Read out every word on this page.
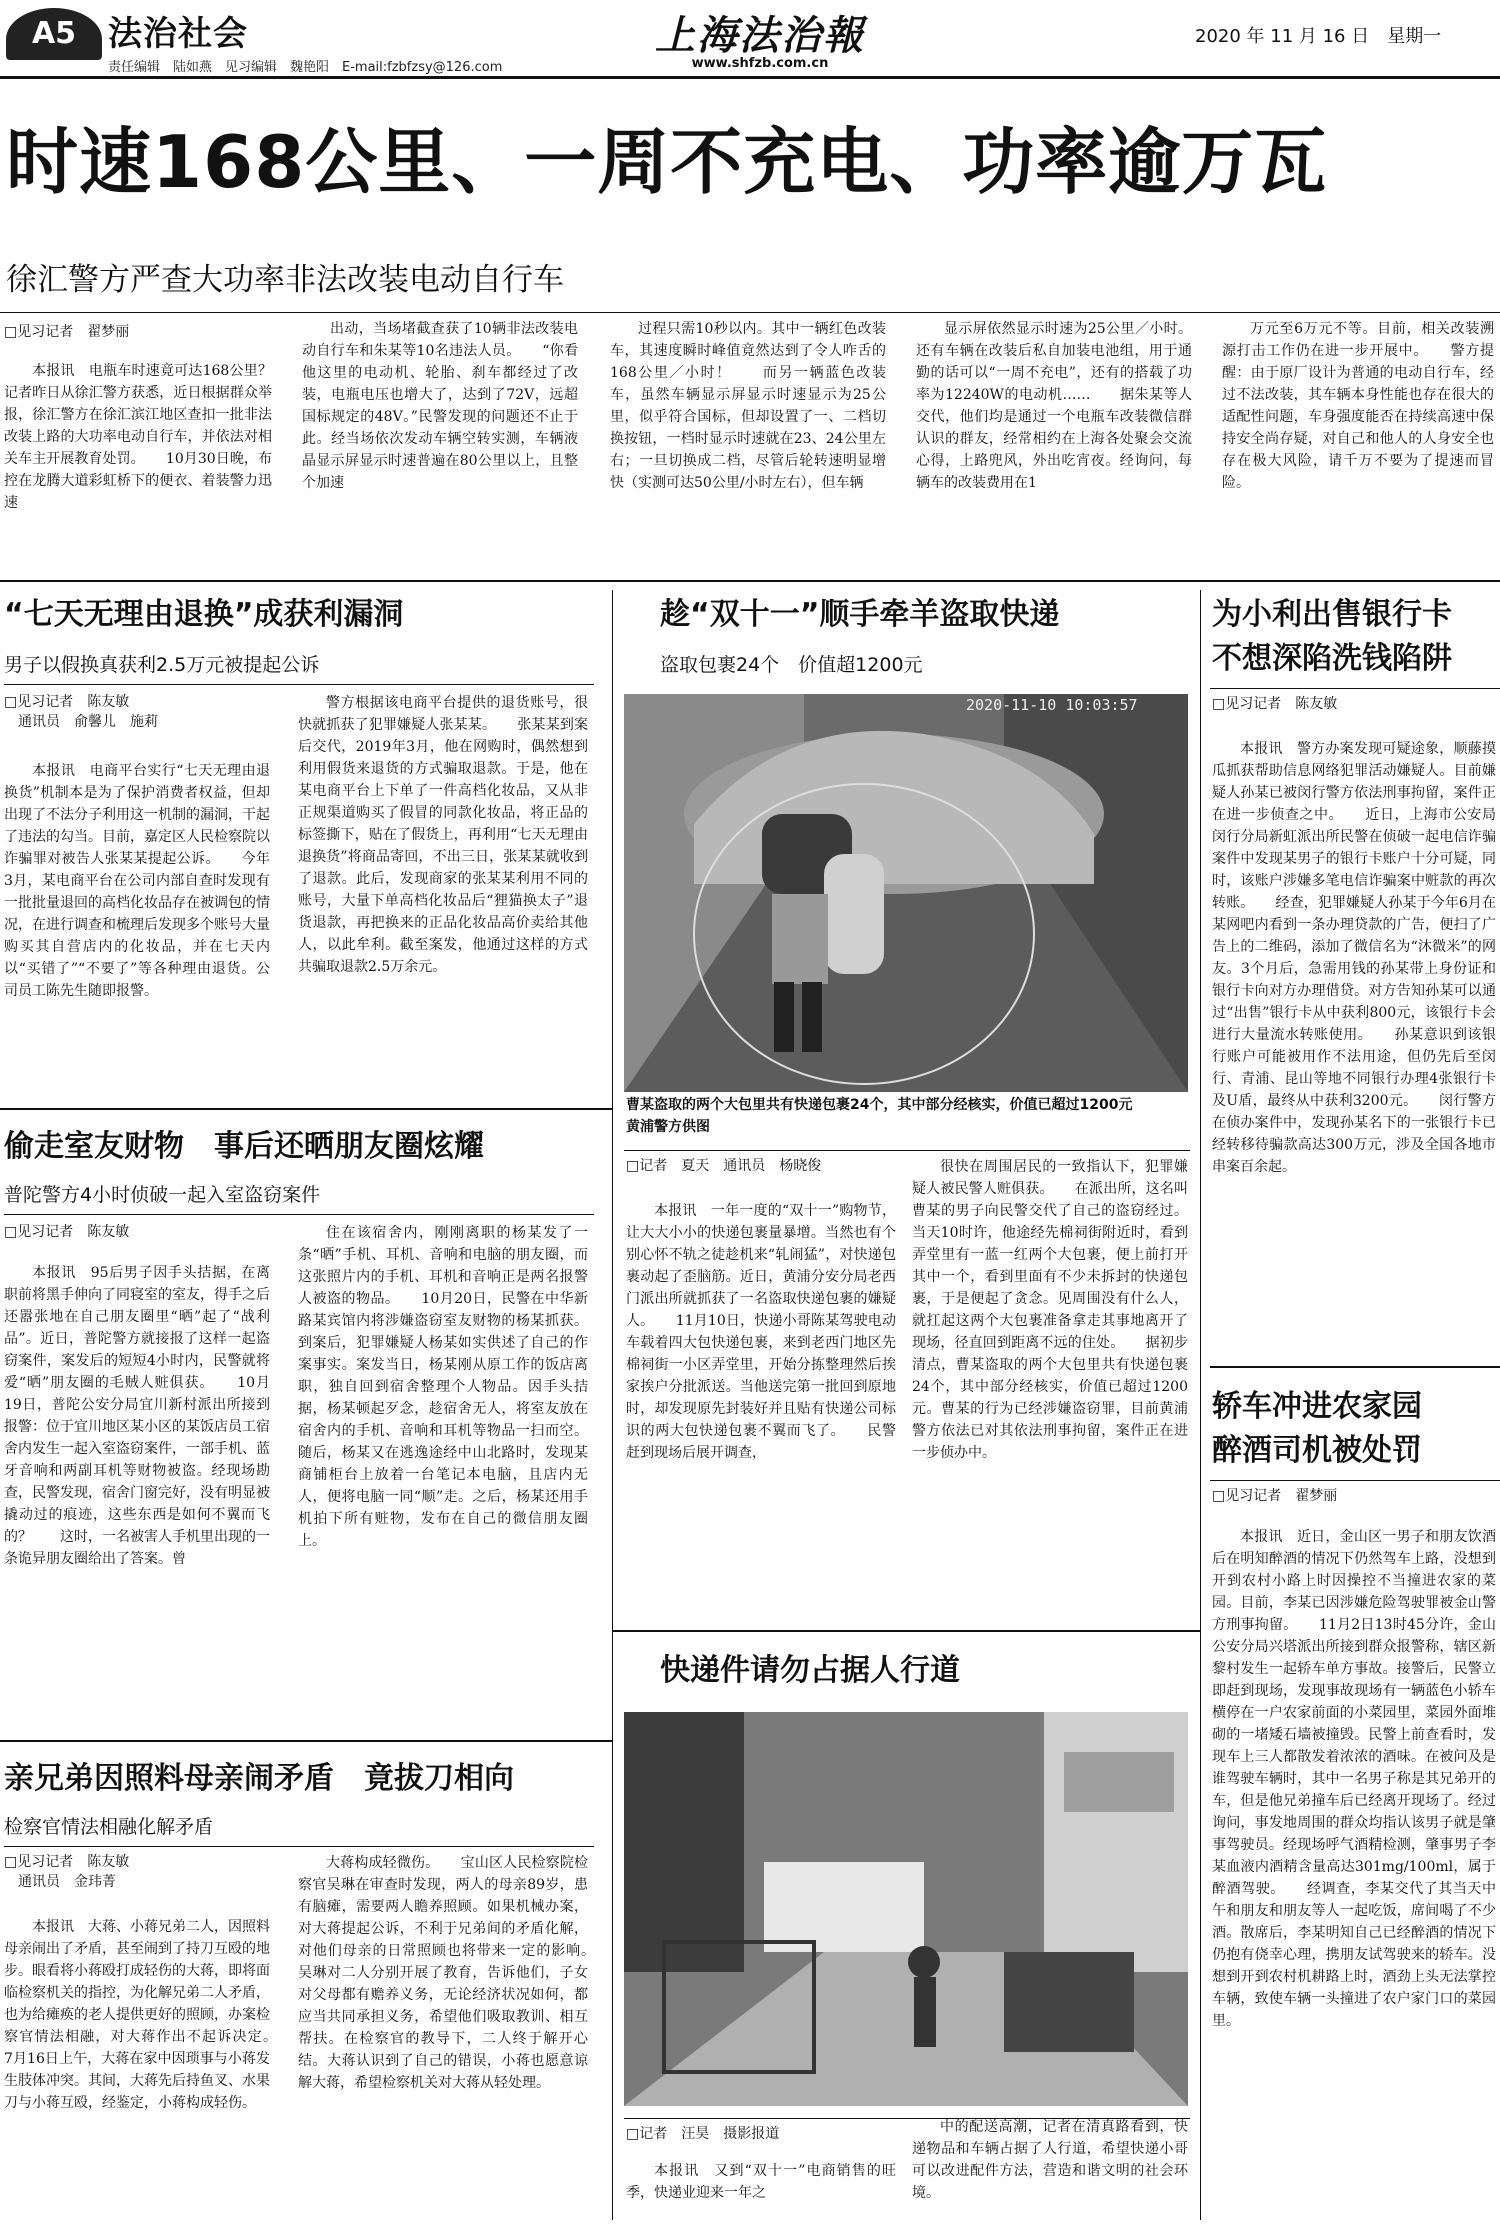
A5 法治社会
责任编辑　陆如燕　见习编辑　魏艳阳　E-mail:fzbfzsy@126.com
上海法治報
www.shfzb.com.cn
2020 年 11 月 16 日　星期一
时速168公里、一周不充电、功率逾万瓦
徐汇警方严查大功率非法改装电动自行车
□见习记者　翟梦丽

本报讯　电瓶车时速竟可达168公里？记者昨日从徐汇警方获悉，近日根据群众举报，徐汇警方在徐汇滨江地区查扣一批非法改装上路的大功率电动自行车，并依法对相关车主开展教育处罚。　　10月30日晚，布控在龙腾大道彩虹桥下的便衣、着装警力迅速

出动，当场堵截查获了10辆非法改装电动自行车和朱某等10名违法人员。　　“你看他这里的电动机、轮胎、刹车都经过了改装，电瓶电压也增大了，达到了72V，远超国标规定的48V。”民警发现的问题还不止于此。经当场依次发动车辆空转实测，车辆液晶显示屏显示时速普遍在80公里以上，且整个加速

过程只需10秒以内。其中一辆红色改装车，其速度瞬时峰值竟然达到了令人咋舌的168公里／小时！　　而另一辆蓝色改装车，虽然车辆显示屏显示时速显示为25公里，似乎符合国标，但却设置了一、二档切换按钮，一档时显示时速就在23、24公里左右；一旦切换成二档，尽管后轮转速明显增快（实测可达50公里/小时左右），但车辆

显示屏依然显示时速为25公里／小时。还有车辆在改装后私自加装电池组，用于通勤的话可以“一周不充电”，还有的搭载了功率为12240W的电动机……　　据朱某等人交代，他们均是通过一个电瓶车改装微信群认识的群友，经常相约在上海各处聚会交流心得，上路兜风，外出吃宵夜。经询问，每辆车的改装费用在1

万元至6万元不等。目前，相关改装溯源打击工作仍在进一步开展中。　　警方提醒：由于原厂设计为普通的电动自行车，经过不法改装，其车辆本身性能也存在很大的适配性问题，车身强度能否在持续高速中保持安全尚存疑，对自己和他人的人身安全也存在极大风险，请千万不要为了提速而冒险。

“七天无理由退换”成获利漏洞
男子以假换真获利2.5万元被提起公诉
□见习记者　陈友敏
　通讯员　俞馨儿　施莉

本报讯　电商平台实行“七天无理由退换货”机制本是为了保护消费者权益，但却出现了不法分子利用这一机制的漏洞，干起了违法的勾当。目前，嘉定区人民检察院以诈骗罪对被告人张某某提起公诉。　　今年3月，某电商平台在公司内部自查时发现有一批批量退回的高档化妆品存在被调包的情况，在进行调查和梳理后发现多个账号大量购买其自营店内的化妆品，并在七天内以“买错了”“不要了”等各种理由退货。公司员工陈先生随即报警。

警方根据该电商平台提供的退货账号，很快就抓获了犯罪嫌疑人张某某。　　张某某到案后交代，2019年3月，他在网购时，偶然想到利用假货来退货的方式骗取退款。于是，他在某电商平台上下单了一件高档化妆品，又从非正规渠道购买了假冒的同款化妆品，将正品的标签撕下，贴在了假货上，再利用“七天无理由退换货”将商品寄回，不出三日，张某某就收到了退款。此后，发现商家的张某某利用不同的账号，大量下单高档化妆品后“狸猫换太子”退货退款，再把换来的正品化妆品高价卖给其他人，以此牟利。截至案发，他通过这样的方式共骗取退款2.5万余元。

趁“双十一”顺手牵羊盗取快递
盗取包裹24个　价值超1200元
2020-11-10 10:03:57
曹某盗取的两个大包里共有快递包裹24个，其中部分经核实，价值已超过1200元　　　　　　　　　黄浦警方供图
□记者　夏天　通讯员　杨晓俊

本报讯　一年一度的“双十一”购物节，让大大小小的快递包裹量暴增。当然也有个别心怀不轨之徒趁机来“轧闹猛”，对快递包裹动起了歪脑筋。近日，黄浦分安分局老西门派出所就抓获了一名盗取快递包裹的嫌疑人。　　11月10日，快递小哥陈某驾驶电动车载着四大包快递包裹，来到老西门地区先棉祠街一小区弄堂里，开始分拣整理然后挨家挨户分批派送。当他送完第一批回到原地时，却发现原先封装好并且贴有快递公司标识的两大包快递包裹不翼而飞了。　　民警赶到现场后展开调查，

很快在周围居民的一致指认下，犯罪嫌疑人被民警人赃俱获。　　在派出所，这名叫曹某的男子向民警交代了自己的盗窃经过。当天10时许，他途经先棉祠街附近时，看到弄堂里有一蓝一红两个大包裹，便上前打开其中一个，看到里面有不少未拆封的快递包裹，于是便起了贪念。见周围没有什么人，就扛起这两个大包裹准备拿走其事地离开了现场，径直回到距离不远的住处。　　据初步清点，曹某盗取的两个大包里共有快递包裹24个，其中部分经核实，价值已超过1200元。曹某的行为已经涉嫌盗窃罪，目前黄浦警方依法已对其依法刑事拘留，案件正在进一步侦办中。

为小利出售银行卡
不想深陷洗钱陷阱
□见习记者　陈友敏

本报讯　警方办案发现可疑途象，顺藤摸瓜抓获帮助信息网络犯罪活动嫌疑人。目前嫌疑人孙某已被闵行警方依法刑事拘留，案件正在进一步侦查之中。　　近日，上海市公安局闵行分局新虹派出所民警在侦破一起电信诈骗案件中发现某男子的银行卡账户十分可疑，同时，该账户涉嫌多笔电信诈骗案中赃款的再次转账。　　经查，犯罪嫌疑人孙某于今年6月在某网吧内看到一条办理贷款的广告，便扫了广告上的二维码，添加了微信名为“沐微米”的网友。3个月后，急需用钱的孙某带上身份证和银行卡向对方办理借贷。对方告知孙某可以通过“出售”银行卡从中获利800元，该银行卡会进行大量流水转账使用。　　孙某意识到该银行账户可能被用作不法用途，但仍先后至闵行、青浦、昆山等地不同银行办理4张银行卡及U盾，最终从中获利3200元。　　闵行警方在侦办案件中，发现孙某名下的一张银行卡已经转移待骗款高达300万元，涉及全国各地市串案百余起。

轿车冲进农家园
醉酒司机被处罚
□见习记者　翟梦丽

本报讯　近日，金山区一男子和朋友饮酒后在明知醉酒的情况下仍然驾车上路，没想到开到农村小路上时因操控不当撞进农家的菜园。目前，李某已因涉嫌危险驾驶罪被金山警方刑事拘留。　　11月2日13时45分许，金山公安分局兴塔派出所接到群众报警称，辖区新黎村发生一起轿车单方事故。接警后，民警立即赶到现场，发现事故现场有一辆蓝色小轿车横停在一户农家前面的小菜园里，菜园外面堆砌的一堵矮石墙被撞毁。民警上前查看时，发现车上三人都散发着浓浓的酒味。在被问及是谁驾驶车辆时，其中一名男子称是其兄弟开的车，但是他兄弟撞车后已经离开现场了。经过询问，事发地周围的群众均指认该男子就是肇事驾驶员。经现场呼气酒精检测，肇事男子李某血液内酒精含量高达301mg/100ml，属于醉酒驾驶。　　经调查，李某交代了其当天中午和朋友和朋友等人一起吃饭，席间喝了不少酒。散席后，李某明知自己已经醉酒的情况下仍抱有侥幸心理，携朋友试驾驶来的轿车。没想到开到农村机耕路上时，酒劲上头无法掌控车辆，致使车辆一头撞进了农户家门口的菜园里。

偷走室友财物　事后还晒朋友圈炫耀
普陀警方4小时侦破一起入室盗窃案件
□见习记者　陈友敏

本报讯　95后男子因手头拮据，在离职前将黑手伸向了同寝室的室友，得手之后还嚣张地在自己朋友圈里“晒”起了“战利品”。近日，普陀警方就接报了这样一起盗窃案件，案发后的短短4小时内，民警就将爱“晒”朋友圈的毛贼人赃俱获。　　10月19日，普陀公安分局宜川新村派出所接到报警：位于宜川地区某小区的某饭店员工宿舍内发生一起入室盗窃案件，一部手机、蓝牙音响和两副耳机等财物被盗。经现场勘查，民警发现，宿舍门窗完好，没有明显被撬动过的痕迹，这些东西是如何不翼而飞的？　　这时，一名被害人手机里出现的一条诡异朋友圈给出了答案。曾

住在该宿舍内，刚刚离职的杨某发了一条“晒”手机、耳机、音响和电脑的朋友圈，而这张照片内的手机、耳机和音响正是两名报警人被盗的物品。　　10月20日，民警在中华新路某宾馆内将涉嫌盗窃室友财物的杨某抓获。到案后，犯罪嫌疑人杨某如实供述了自己的作案事实。案发当日，杨某刚从原工作的饭店离职，独自回到宿舍整理个人物品。因手头拮据，杨某顿起歹念，趁宿舍无人，将室友放在宿舍内的手机、音响和耳机等物品一扫而空。随后，杨某又在逃逸途经中山北路时，发现某商铺柜台上放着一台笔记本电脑，且店内无人，便将电脑一同“顺”走。之后，杨某还用手机拍下所有赃物，发布在自己的微信朋友圈上。

快递件请勿占据人行道
□记者　汪昊　摄影报道

本报讯　又到“双十一”电商销售的旺季，快递业迎来一年之

中的配送高潮，记者在清真路看到，快递物品和车辆占据了人行道，希望快递小哥可以改进配件方法，营造和谐文明的社会环境。

亲兄弟因照料母亲闹矛盾　竟拔刀相向
检察官情法相融化解矛盾
□见习记者　陈友敏
　通讯员　金玮菁

本报讯　大蒋、小蒋兄弟二人，因照料母亲闹出了矛盾，甚至闹到了持刀互殴的地步。眼看将小蒋殴打成轻伤的大蒋，即将面临检察机关的指控，为化解兄弟二人矛盾，也为给瘫痪的老人提供更好的照顾，办案检察官情法相融，对大蒋作出不起诉决定。　　7月16日上午，大蒋在家中因琐事与小蒋发生肢体冲突。其间，大蒋先后持鱼叉、水果刀与小蒋互殴，经鉴定，小蒋构成轻伤。

大蒋构成轻微伤。　　宝山区人民检察院检察官吴琳在审查时发现，两人的母亲89岁，患有脑瘫，需要两人瞻养照顾。如果机械办案，对大蒋提起公诉，不利于兄弟间的矛盾化解，对他们母亲的日常照顾也将带来一定的影响。　　吴琳对二人分别开展了教育，告诉他们，子女对父母都有赡养义务，无论经济状况如何，都应当共同承担义务，希望他们吸取教训、相互帮扶。在检察官的教导下，二人终于解开心结。大蒋认识到了自己的错误，小蒋也愿意谅解大蒋，希望检察机关对大蒋从轻处理。
